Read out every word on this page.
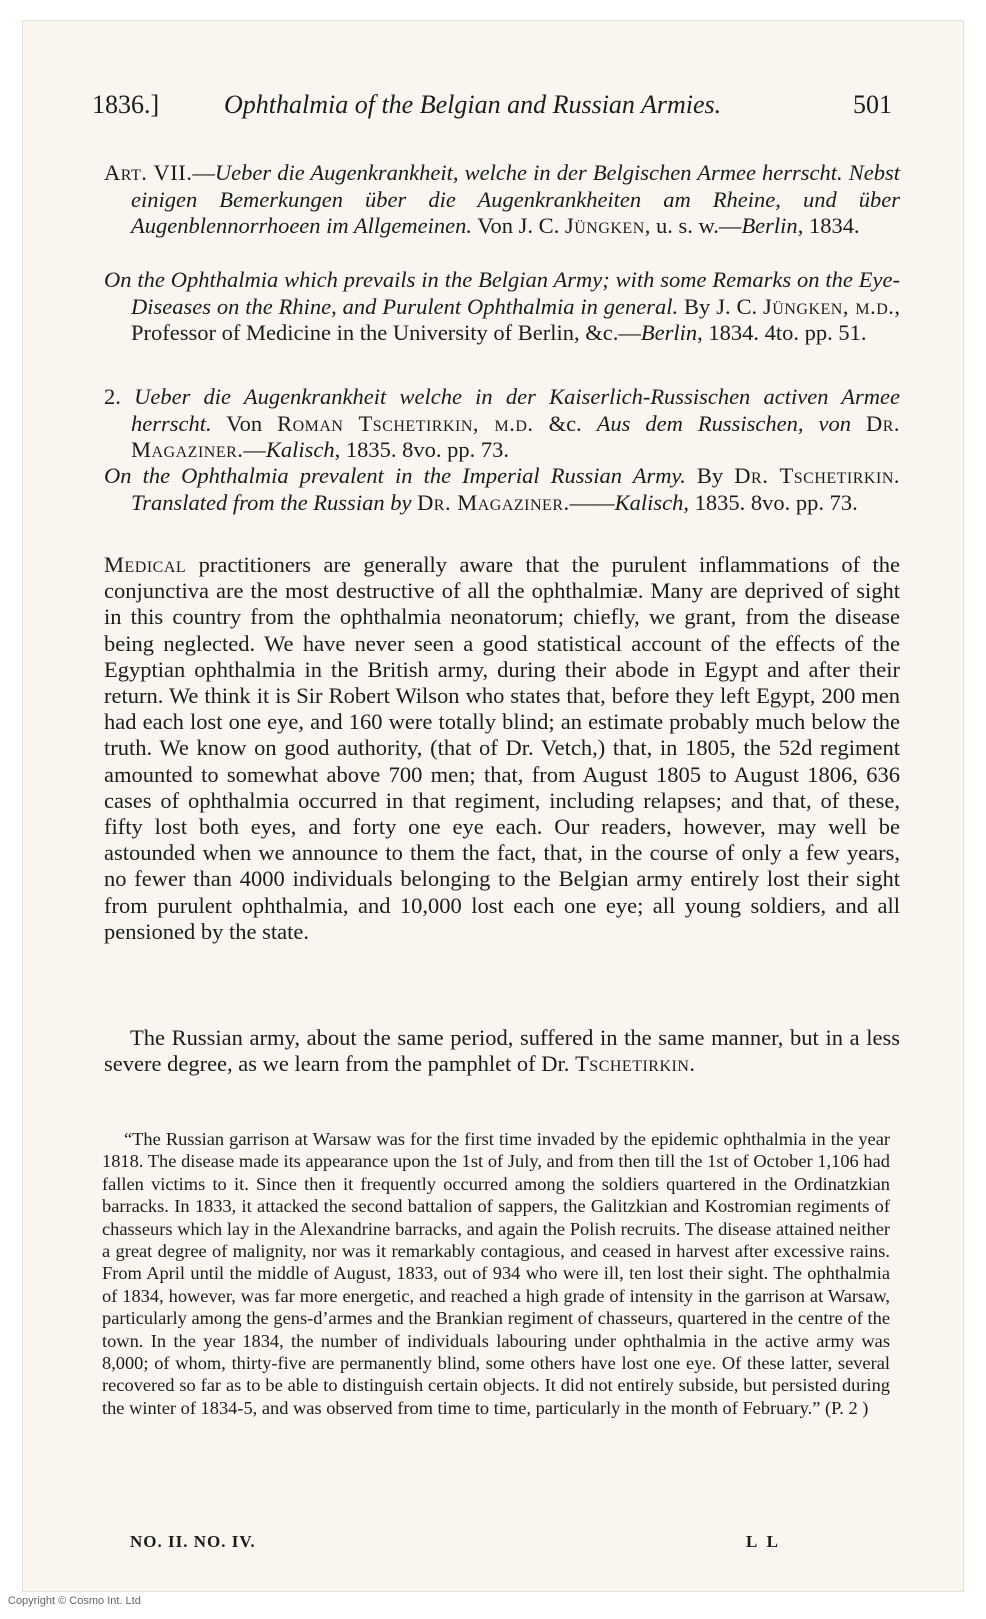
1836.] Ophthalmia of the Belgian and Russian Armies.	501

Art. VII.—Ueber die Augenkrankheit, welche in der Belgischen Armee herrscht. Nebst einigen Bemerkungen über die Augenkrankheiten am Rheine, und über Augenblennorrhoeen im Allgemeinen. Von J. C. Jüngken, u. s. w.—Berlin, 1834.

On the Ophthalmia which prevails in the Belgian Army; with some Remarks on the Eye-Diseases on the Rhine, and Purulent Ophthalmia in general. By J. C. Jüngken, m.d., Professor of Medicine in the University of Berlin, &c.—Berlin, 1834. 4to. pp. 51.

2. Ueber die Augenkrankheit welche in der Kaiserlich-Russischen activen Armee herrscht. Von Roman Tschetirkin, m.d. &c. Aus dem Russischen, von Dr. Magaziner.—Kalisch, 1835. 8vo. pp. 73.

On the Ophthalmia prevalent in the Imperial Russian Army. By Dr. Tschetirkin. Translated from the Russian by Dr. Magaziner.——Kalisch, 1835. 8vo. pp. 73.

Medical practitioners are generally aware that the purulent inflammations of the conjunctiva are the most destructive of all the ophthalmiæ. Many are deprived of sight in this country from the ophthalmia neonatorum; chiefly, we grant, from the disease being neglected. We have never seen a good statistical account of the effects of the Egyptian ophthalmia in the British army, during their abode in Egypt and after their return. We think it is Sir Robert Wilson who states that, before they left Egypt, 200 men had each lost one eye, and 160 were totally blind; an estimate probably much below the truth. We know on good authority, (that of Dr. Vetch,) that, in 1805, the 52d regiment amounted to somewhat above 700 men; that, from August 1805 to August 1806, 636 cases of ophthalmia occurred in that regiment, including relapses; and that, of these, fifty lost both eyes, and forty one eye each. Our readers, however, may well be astounded when we announce to them the fact, that, in the course of only a few years, no fewer than 4000 individuals belonging to the Belgian army entirely lost their sight from purulent ophthalmia, and 10,000 lost each one eye; all young soldiers, and all pensioned by the state.

The Russian army, about the same period, suffered in the same manner, but in a less severe degree, as we learn from the pamphlet of Dr. Tschetirkin.

“The Russian garrison at Warsaw was for the first time invaded by the epidemic ophthalmia in the year 1818. The disease made its appearance upon the 1st of July, and from then till the 1st of October 1,106 had fallen victims to it. Since then it frequently occurred among the soldiers quartered in the Ordinatzkian barracks. In 1833, it attacked the second battalion of sappers, the Galitzkian and Kostromian regiments of chasseurs which lay in the Alexandrine barracks, and again the Polish recruits. The disease attained neither a great degree of malignity, nor was it remarkably contagious, and ceased in harvest after excessive rains. From April until the middle of August, 1833, out of 934 who were ill, ten lost their sight. The ophthalmia of 1834, however, was far more energetic, and reached a high grade of intensity in the garrison at Warsaw, particularly among the gens-d’armes and the Brankian regiment of chasseurs, quartered in the centre of the town. In the year 1834, the number of individuals labouring under ophthalmia in the active army was 8,000; of whom, thirty-five are permanently blind, some others have lost one eye. Of these latter, several recovered so far as to be able to distinguish certain objects. It did not entirely subside, but persisted during the winter of 1834-5, and was observed from time to time, particularly in the month of February.” (P. 2 )

NO. II. NO. IV.	L L
Copyright © Cosmo Int. Ltd
